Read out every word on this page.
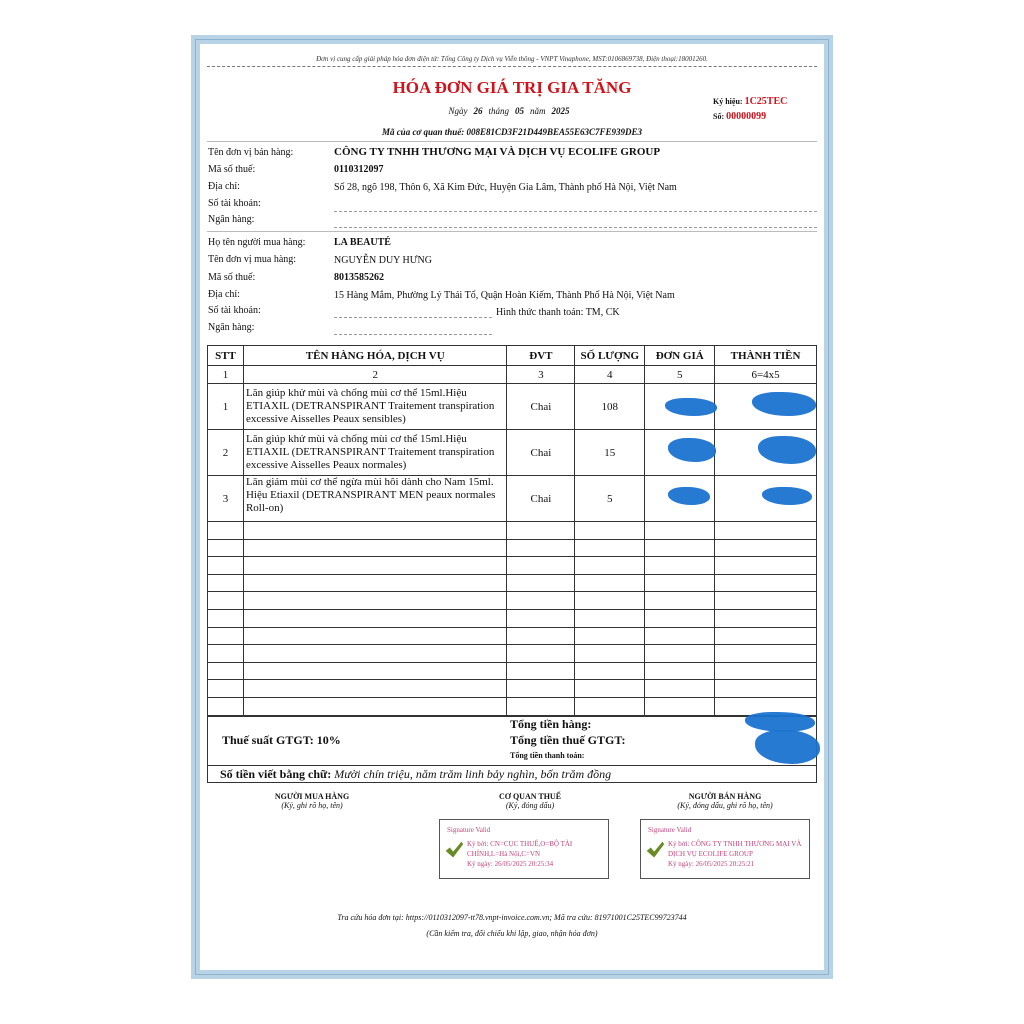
Đơn vị cung cấp giải pháp hóa đơn điện tử: Tổng Công ty Dịch vụ Viễn thông - VNPT Vinaphone, MST:0106869738, Điện thoại:18001260.
HÓA ĐƠN GIÁ TRỊ GIA TĂNG
Ngày 26 tháng 05 năm 2025
Mã của cơ quan thuế: 008E81CD3F21D449BEA55E63C7FE939DE3
Ký hiệu: 1C25TEC
Số: 00000099
Tên đơn vị bán hàng:	CÔNG TY TNHH THƯƠNG MẠI VÀ DỊCH VỤ ECOLIFE GROUP
Mã số thuế:	0110312097
Địa chỉ:	Số 28, ngõ 198, Thôn 6, Xã Kim Đức, Huyện Gia Lâm, Thành phố Hà Nội, Việt Nam
Số tài khoản:
Ngân hàng:
Họ tên người mua hàng:	LA BEAUTÉ
Tên đơn vị mua hàng:	NGUYỄN DUY HƯNG
Mã số thuế:	8013585262
Địa chỉ:	15 Hàng Mắm, Phường Lý Thái Tổ, Quận Hoàn Kiếm, Thành Phố Hà Nội, Việt Nam
Số tài khoản:	Hình thức thanh toán: TM, CK
Ngân hàng:
STT	TÊN HÀNG HÓA, DỊCH VỤ	ĐVT	SỐ LƯỢNG	ĐƠN GIÁ	THÀNH TIỀN
1	2	3	4	5	6=4x5
1	Lăn giúp khử mùi và chống mùi cơ thể 15ml.Hiệu ETIAXIL (DETRANSPIRANT Traitement transpiration excessive Aisselles Peaux sensibles)	Chai	108		
2	Lăn giúp khử mùi và chống mùi cơ thể 15ml.Hiệu ETIAXIL (DETRANSPIRANT Traitement transpiration excessive Aisselles Peaux normales)	Chai	15		
3	Lăn giảm mùi cơ thể ngừa mùi hôi dành cho Nam 15ml. Hiệu Etiaxil (DETRANSPIRANT MEN peaux normales Roll-on)	Chai	5		

Tổng tiền hàng:
Thuế suất GTGT: 10%	Tổng tiền thuế GTGT:
Tổng tiền thanh toán:
Số tiền viết bằng chữ: Mười chín triệu, năm trăm linh bảy nghìn, bốn trăm đồng
NGƯỜI MUA HÀNG
(Ký, ghi rõ họ, tên)
CƠ QUAN THUẾ
(Ký, đóng dấu)
NGƯỜI BÁN HÀNG
(Ký, đóng dấu, ghi rõ họ, tên)
Signature Valid
Ký bởi: CN=CỤC THUẾ,O=BỘ TÀI CHÍNH,L=Hà Nội,C=VN
Ký ngày: 26/05/2025 20:25:34
Signature Valid
Ký bởi: CÔNG TY TNHH THƯƠNG MẠI VÀ DỊCH VỤ ECOLIFE GROUP
Ký ngày: 26/05/2025 20:25:21
Tra cứu hóa đơn tại: https://0110312097-tt78.vnpt-invoice.com.vn; Mã tra cứu: 81971001C25TEC99723744
(Cần kiểm tra, đối chiếu khi lập, giao, nhận hóa đơn)
